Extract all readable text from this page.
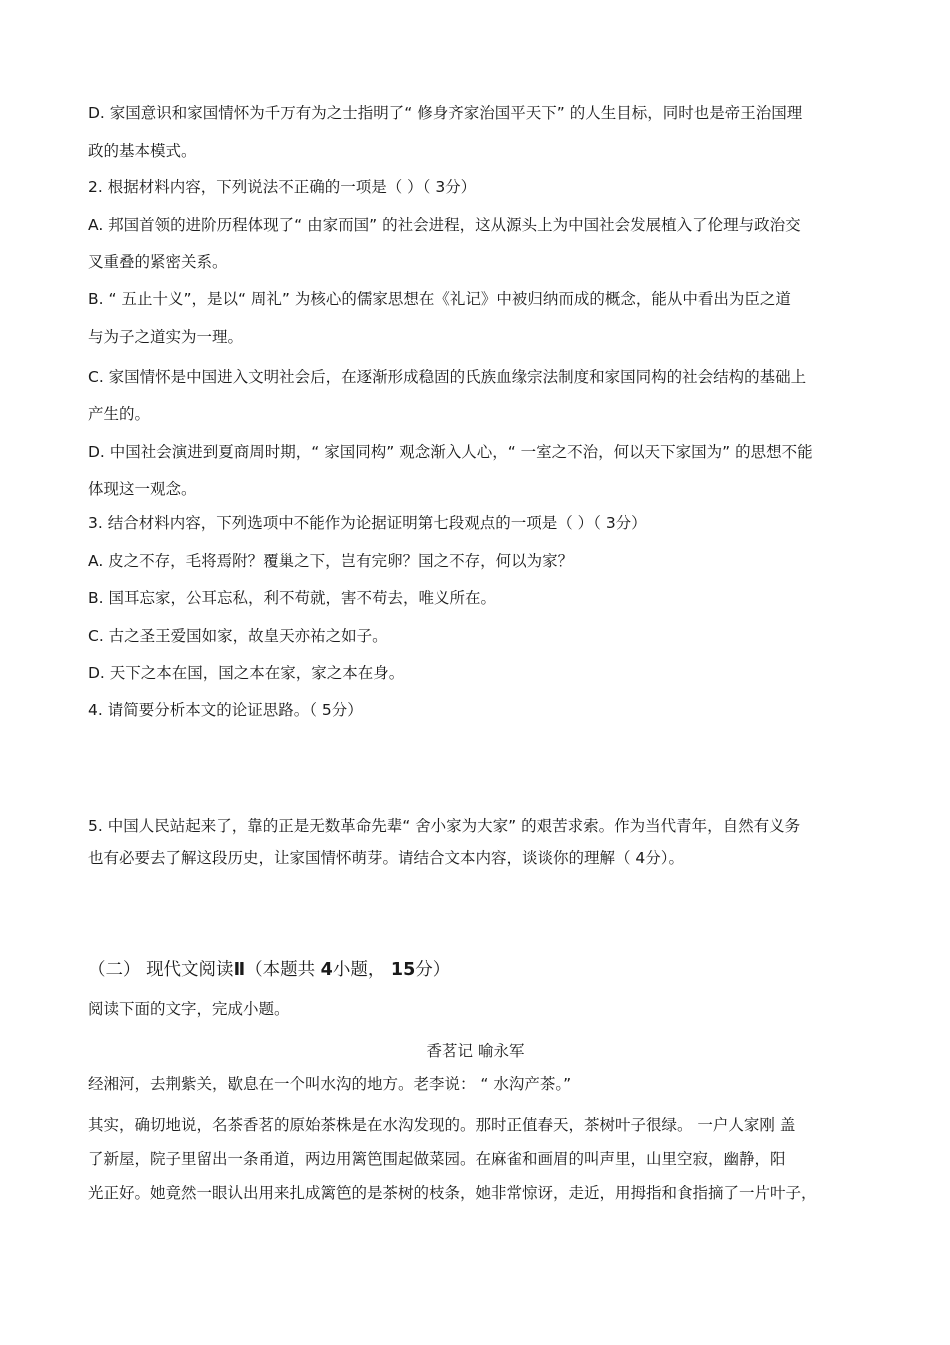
D. 家国意识和家国情怀为千万有为之士指明了“ 修身齐家治国平天下” 的人生目标，同时也是帝王治国理
政的基本模式。
2. 根据材料内容，下列说法不正确的一项是（ ）（ 3分）
A. 邦国首领的进阶历程体现了“ 由家而国” 的社会进程，这从源头上为中国社会发展植入了伦理与政治交
叉重叠的紧密关系。
B. “ 五止十义”，是以“ 周礼” 为核心的儒家思想在《礼记》中被归纳而成的概念，能从中看出为臣之道
与为子之道实为一理。
C. 家国情怀是中国进入文明社会后，在逐渐形成稳固的氏族血缘宗法制度和家国同构的社会结构的基础上
产生的。
D. 中国社会演进到夏商周时期，“ 家国同构” 观念渐入人心，“ 一室之不治，何以天下家国为” 的思想不能
体现这一观念。
3. 结合材料内容，下列选项中不能作为论据证明第七段观点的一项是（ ）（ 3分）
A. 皮之不存，毛将焉附？覆巢之下，岂有完卵？国之不存，何以为家？
B. 国耳忘家，公耳忘私，利不苟就，害不苟去，唯义所在。
C. 古之圣王爱国如家，故皇天亦祐之如子。
D. 天下之本在国，国之本在家，家之本在身。
4. 请简要分析本文的论证思路。（ 5分）
5. 中国人民站起来了，靠的正是无数革命先辈“ 舍小家为大家” 的艰苦求索。作为当代青年，自然有义务
也有必要去了解这段历史，让家国情怀萌芽。请结合文本内容，谈谈你的理解（ 4分）。
（二） 现代文阅读Ⅱ（本题共 4小题， 15分）
阅读下面的文字，完成小题。
香茗记 喻永军
经湘河，去荆紫关，歇息在一个叫水沟的地方。老李说： “ 水沟产茶。”
其实，确切地说，名茶香茗的原始茶株是在水沟发现的。那时正值春天，茶树叶子很绿。 一户人家刚 盖
了新屋，院子里留出一条甬道，两边用篱笆围起做菜园。在麻雀和画眉的叫声里，山里空寂，幽静，阳
光正好。她竟然一眼认出用来扎成篱笆的是茶树的枝条，她非常惊讶，走近，用拇指和食指摘了一片叶子，
